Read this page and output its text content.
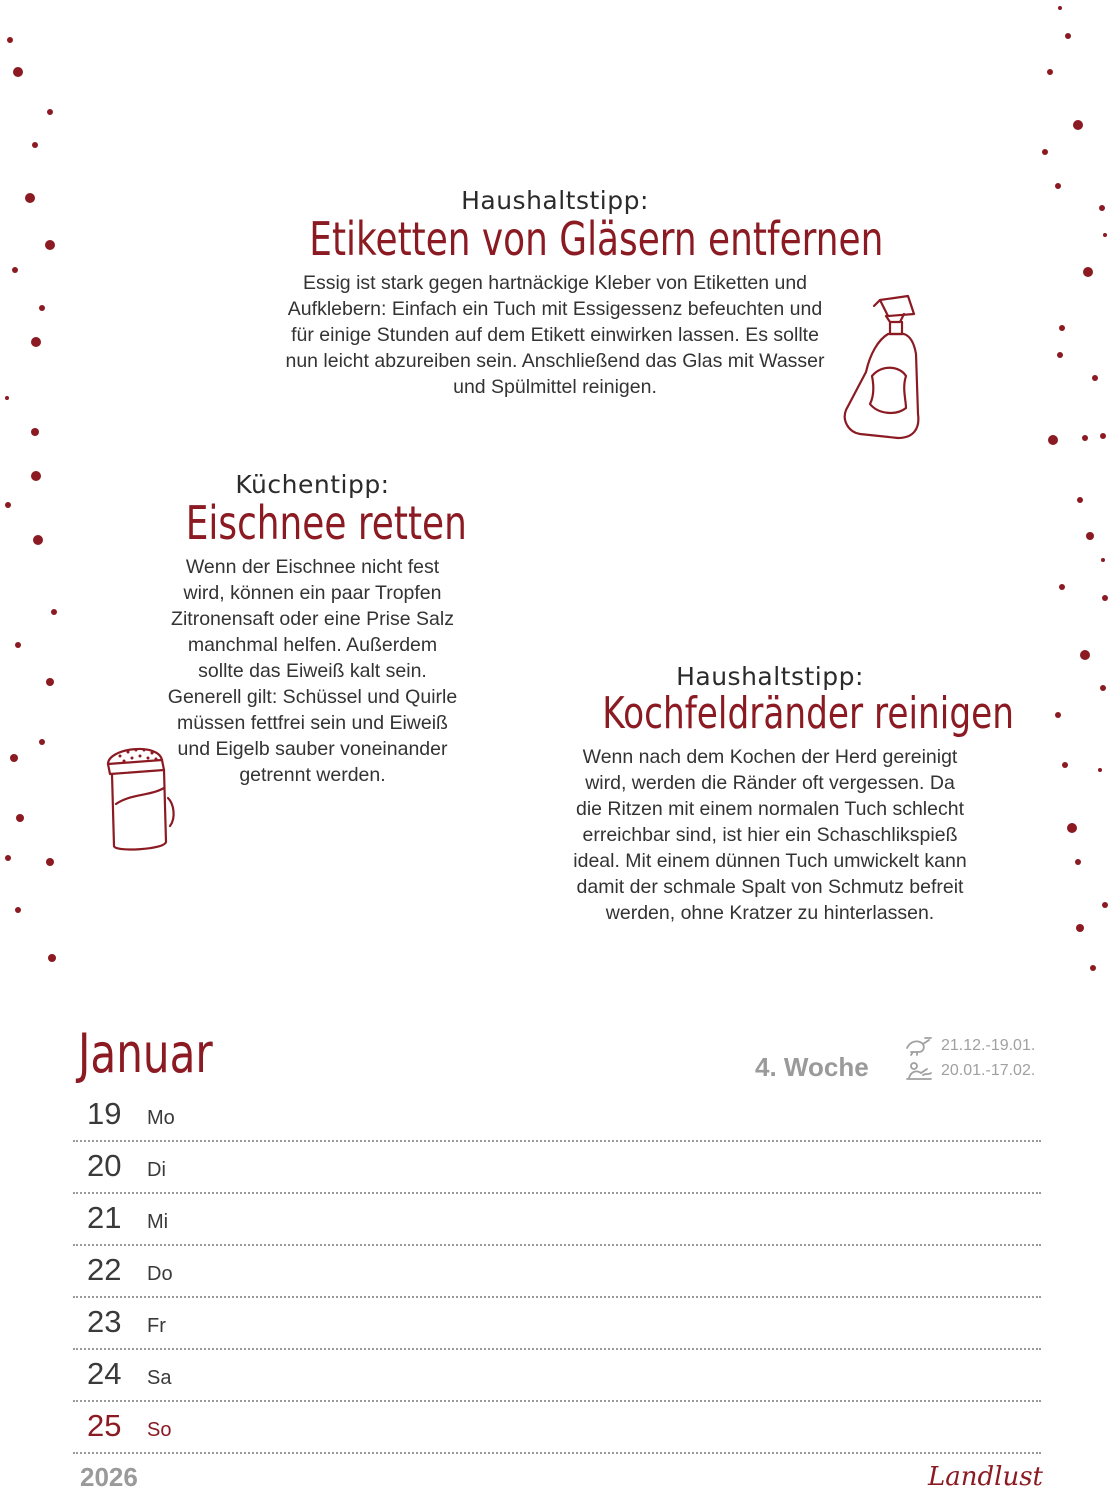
Haushaltstipp:
Etiketten von Gläsern entfernen
Essig ist stark gegen hartnäckige Kleber von Etiketten und
Aufklebern: Einfach ein Tuch mit Essigessenz befeuchten und
für einige Stunden auf dem Etikett einwirken lassen. Es sollte
nun leicht abzureiben sein. Anschließend das Glas mit Wasser
und Spülmittel reinigen.
Küchentipp:
Eischnee retten
Wenn der Eischnee nicht fest
wird, können ein paar Tropfen
Zitronensaft oder eine Prise Salz
manchmal helfen. Außerdem
sollte das Eiweiß kalt sein.
Generell gilt: Schüssel und Quirle
müssen fettfrei sein und Eiweiß
und Eigelb sauber voneinander
getrennt werden.
Haushaltstipp:
Kochfeldränder reinigen
Wenn nach dem Kochen der Herd gereinigt
wird, werden die Ränder oft vergessen. Da
die Ritzen mit einem normalen Tuch schlecht
erreichbar sind, ist hier ein Schaschlikspieß
ideal. Mit einem dünnen Tuch umwickelt kann
damit der schmale Spalt von Schmutz befreit
werden, ohne Kratzer zu hinterlassen.
Januar	4. Woche
21.12.-19.01.
20.01.-17.02.
19 Mo
20 Di
21 Mi
22 Do
23 Fr
24 Sa
25 So
2026	Landlust
